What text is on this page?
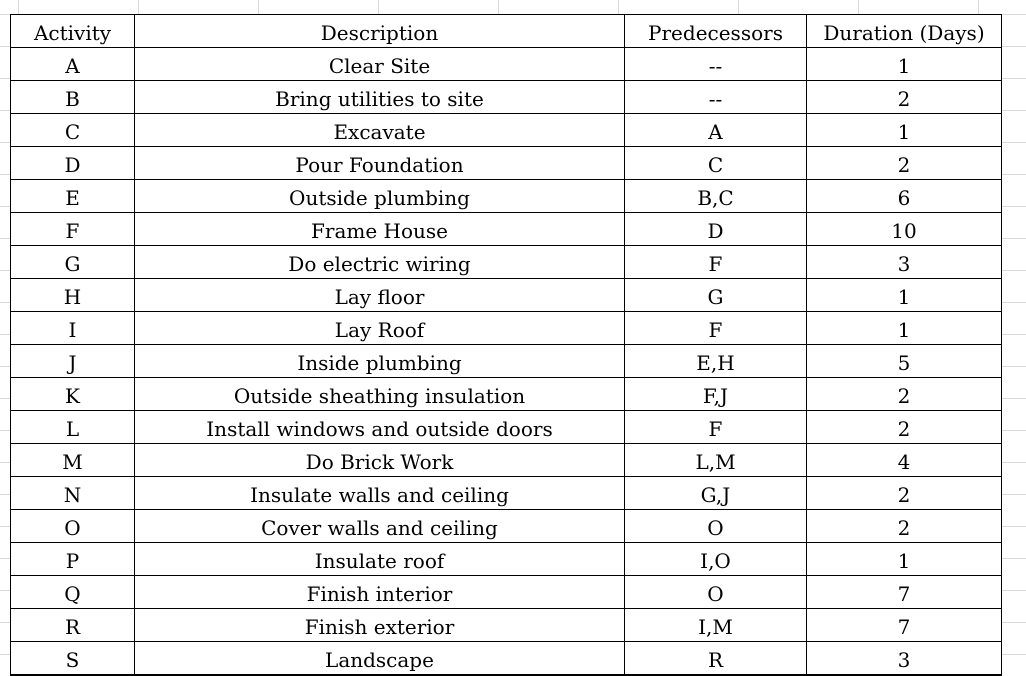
Activity	Description	Predecessors	Duration (Days)
A	Clear Site	--	1
B	Bring utilities to site	--	2
C	Excavate	A	1
D	Pour Foundation	C	2
E	Outside plumbing	B,C	6
F	Frame House	D	10
G	Do electric wiring	F	3
H	Lay floor	G	1
I	Lay Roof	F	1
J	Inside plumbing	E,H	5
K	Outside sheathing insulation	F,J	2
L	Install windows and outside doors	F	2
M	Do Brick Work	L,M	4
N	Insulate walls and ceiling	G,J	2
O	Cover walls and ceiling	O	2
P	Insulate roof	I,O	1
Q	Finish interior	O	7
R	Finish exterior	I,M	7
S	Landscape	R	3
